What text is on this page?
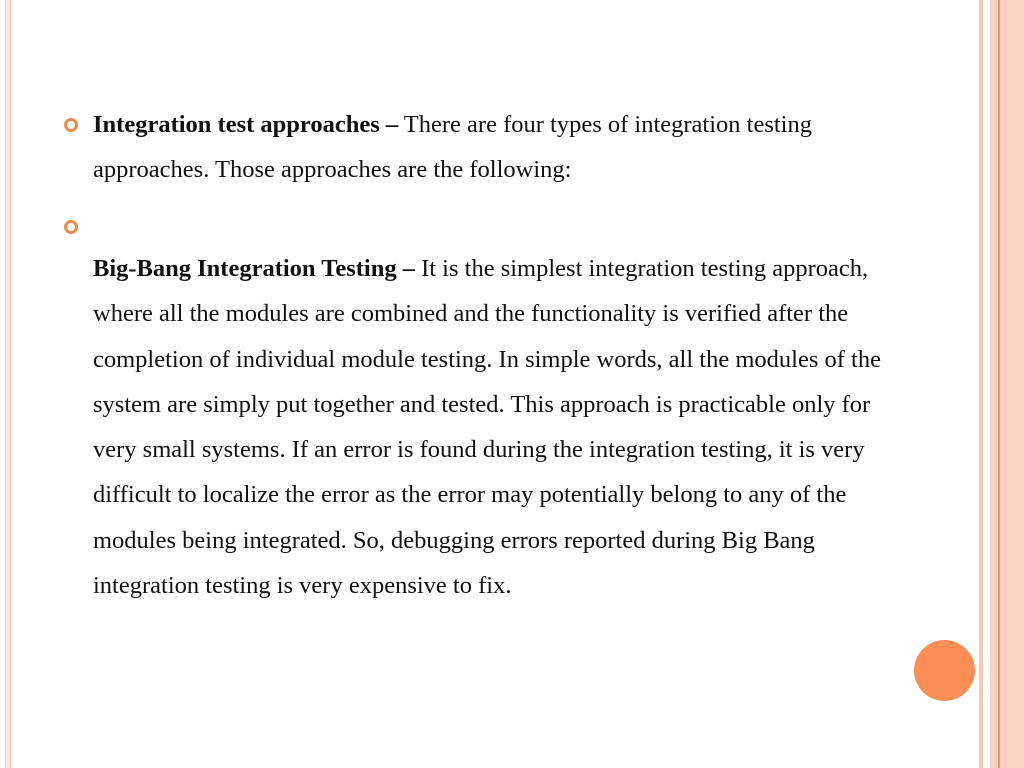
Integration test approaches – There are four types of integration testing approaches. Those approaches are the following:
Big-Bang Integration Testing – It is the simplest integration testing approach, where all the modules are combined and the functionality is verified after the completion of individual module testing. In simple words, all the modules of the system are simply put together and tested. This approach is practicable only for very small systems. If an error is found during the integration testing, it is very difficult to localize the error as the error may potentially belong to any of the modules being integrated. So, debugging errors reported during Big Bang integration testing is very expensive to fix.
